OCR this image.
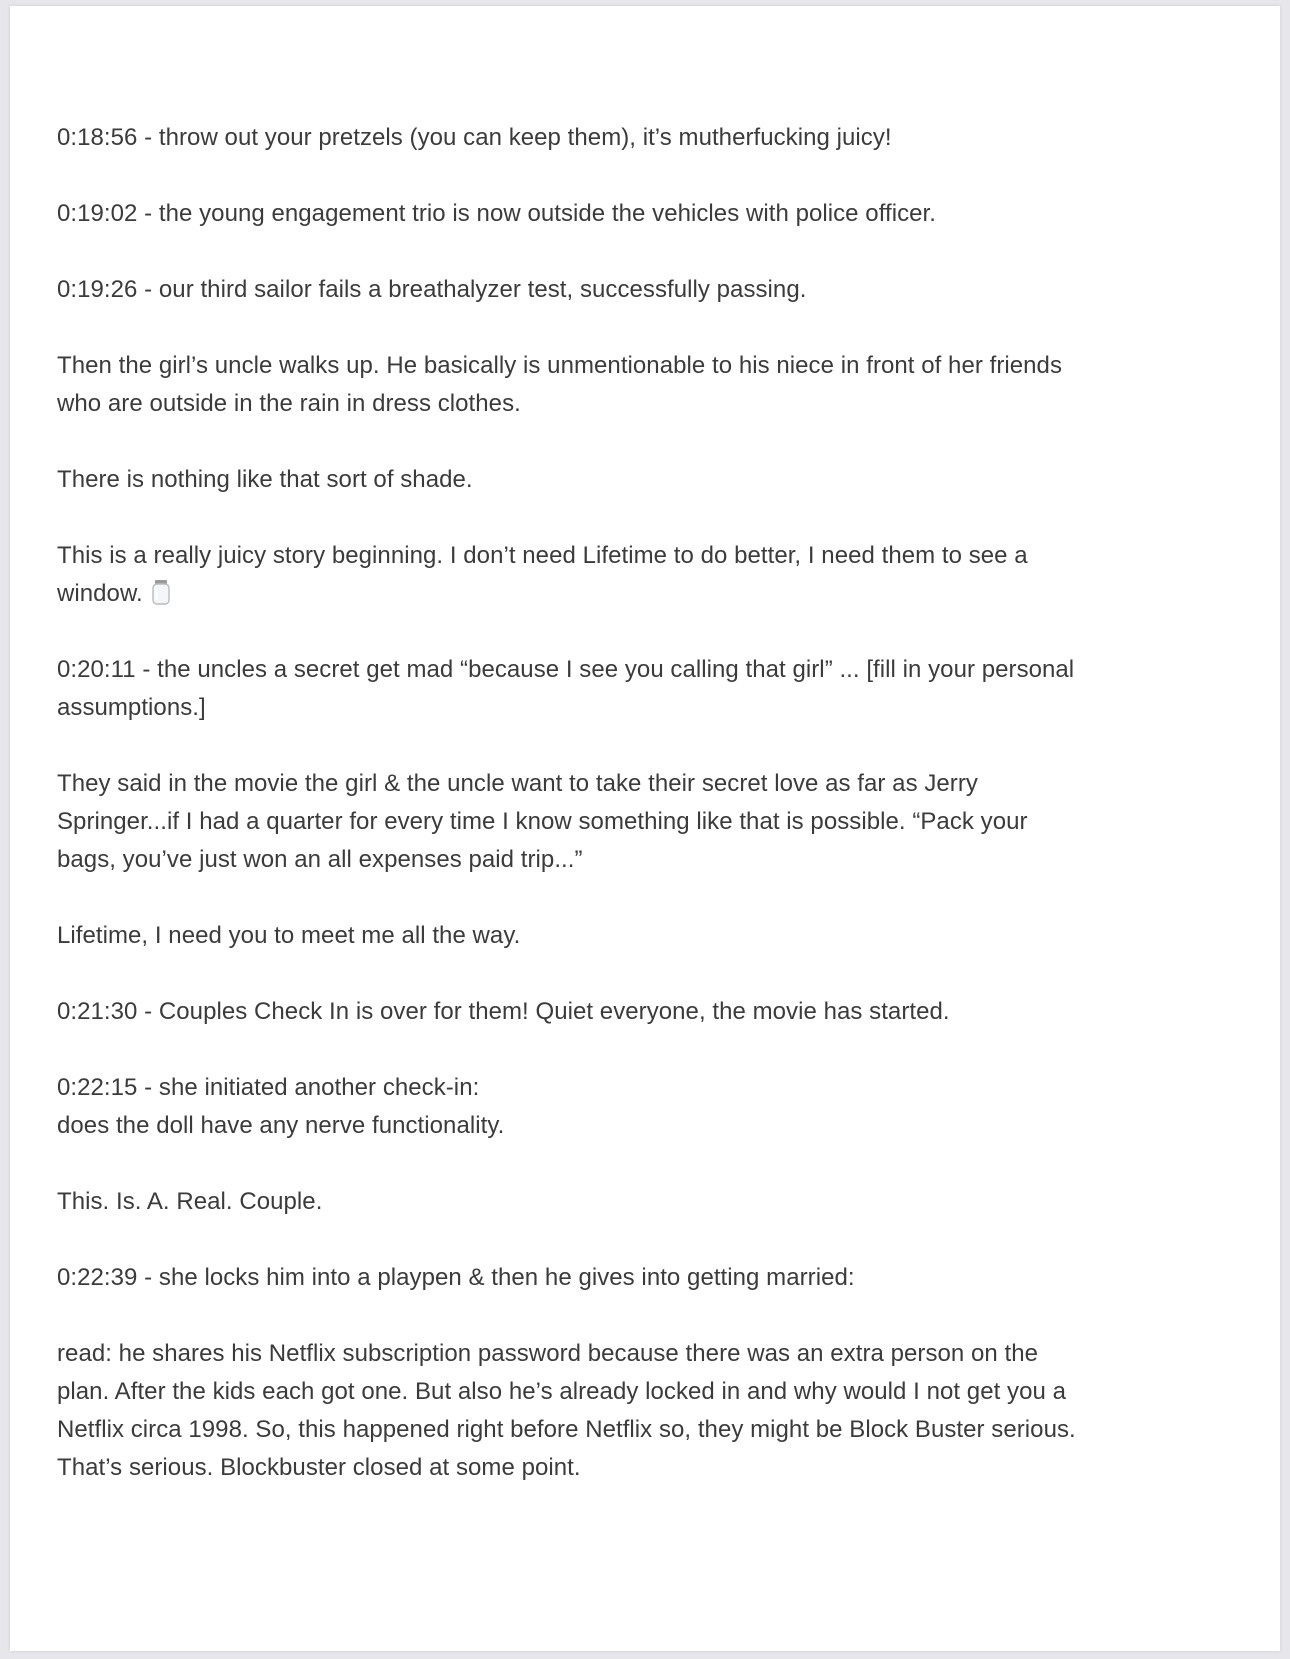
0:18:56 - throw out your pretzels (you can keep them), it’s mutherfucking juicy!

0:19:02 - the young engagement trio is now outside the vehicles with police officer.

0:19:26 - our third sailor fails a breathalyzer test, successfully passing.

Then the girl’s uncle walks up. He basically is unmentionable to his niece in front of her friends
who are outside in the rain in dress clothes.

There is nothing like that sort of shade.

This is a really juicy story beginning. I don’t need Lifetime to do better, I need them to see a
window.

0:20:11 - the uncles a secret get mad “because I see you calling that girl” ... [fill in your personal
assumptions.]

They said in the movie the girl & the uncle want to take their secret love as far as Jerry
Springer...if I had a quarter for every time I know something like that is possible. “Pack your
bags, you’ve just won an all expenses paid trip...”

Lifetime, I need you to meet me all the way.

0:21:30 - Couples Check In is over for them! Quiet everyone, the movie has started.

0:22:15 - she initiated another check-in:
does the doll have any nerve functionality.

This. Is. A. Real. Couple.

0:22:39 - she locks him into a playpen & then he gives into getting married:

read: he shares his Netflix subscription password because there was an extra person on the
plan. After the kids each got one. But also he’s already locked in and why would I not get you a
Netflix circa 1998. So, this happened right before Netflix so, they might be Block Buster serious.
That’s serious. Blockbuster closed at some point.
